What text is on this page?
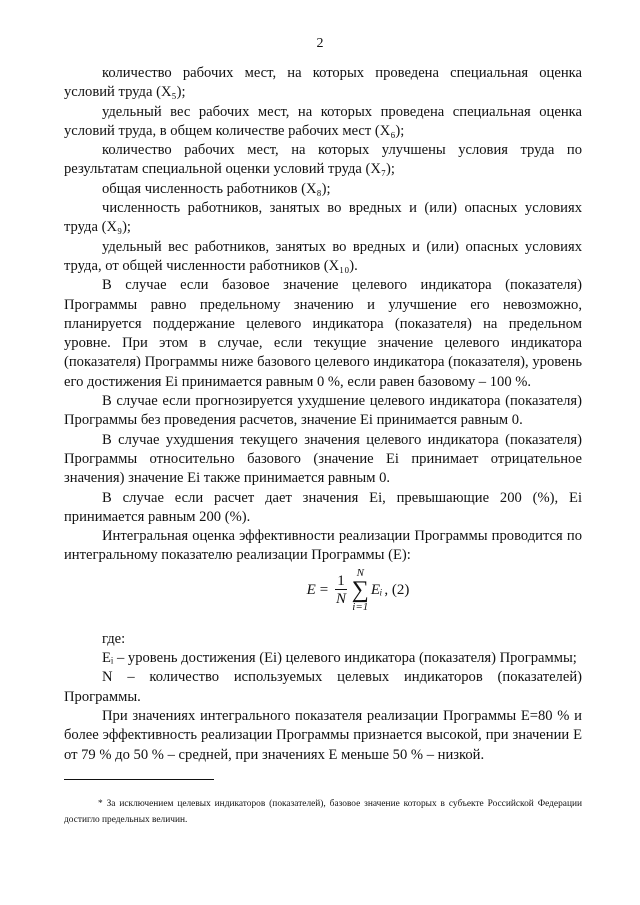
2

количество рабочих мест, на которых проведена специальная оценка условий труда (X₅);

удельный вес рабочих мест, на которых проведена специальная оценка условий труда, в общем количестве рабочих мест (X₆);

количество рабочих мест, на которых улучшены условия труда по результатам специальной оценки условий труда (X₇);

общая численность работников (X₈);

численность работников, занятых во вредных и (или) опасных условиях труда (X₉);

удельный вес работников, занятых во вредных и (или) опасных условиях труда, от общей численности работников (X₁₀).

В случае если базовое значение целевого индикатора (показателя) Программы равно предельному значению и улучшение его невозможно, планируется поддержание целевого индикатора (показателя) на предельном уровне. При этом в случае, если текущие значение целевого индикатора (показателя) Программы ниже базового целевого индикатора (показателя), уровень его достижения Ei принимается равным 0 %, если равен базовому – 100 %.

В случае если прогнозируется ухудшение целевого индикатора (показателя) Программы без проведения расчетов, значение Ei принимается равным 0.

В случае ухудшения текущего значения целевого индикатора (показателя) Программы относительно базового (значение Ei принимает отрицательное значения) значение Ei также принимается равным 0.

В случае если расчет дает значения Ei, превышающие 200 (%), Ei принимается равным 200 (%).

Интегральная оценка эффективности реализации Программы проводится по интегральному показателю реализации Программы (E):

$E = \frac{1}{N}$ N
∑
i=1
Eᵢ , (2)

где:

Eᵢ – уровень достижения (Ei) целевого индикатора (показателя) Программы;

N – количество используемых целевых индикаторов (показателей) Программы.

При значениях интегрального показателя реализации Программы E=80 % и более эффективность реализации Программы признается высокой, при значении E от 79 % до 50 % – средней, при значениях E меньше 50 % – низкой.

* За исключением целевых индикаторов (показателей), базовое значение которых в субъекте Российской Федерации достигло предельных величин.
